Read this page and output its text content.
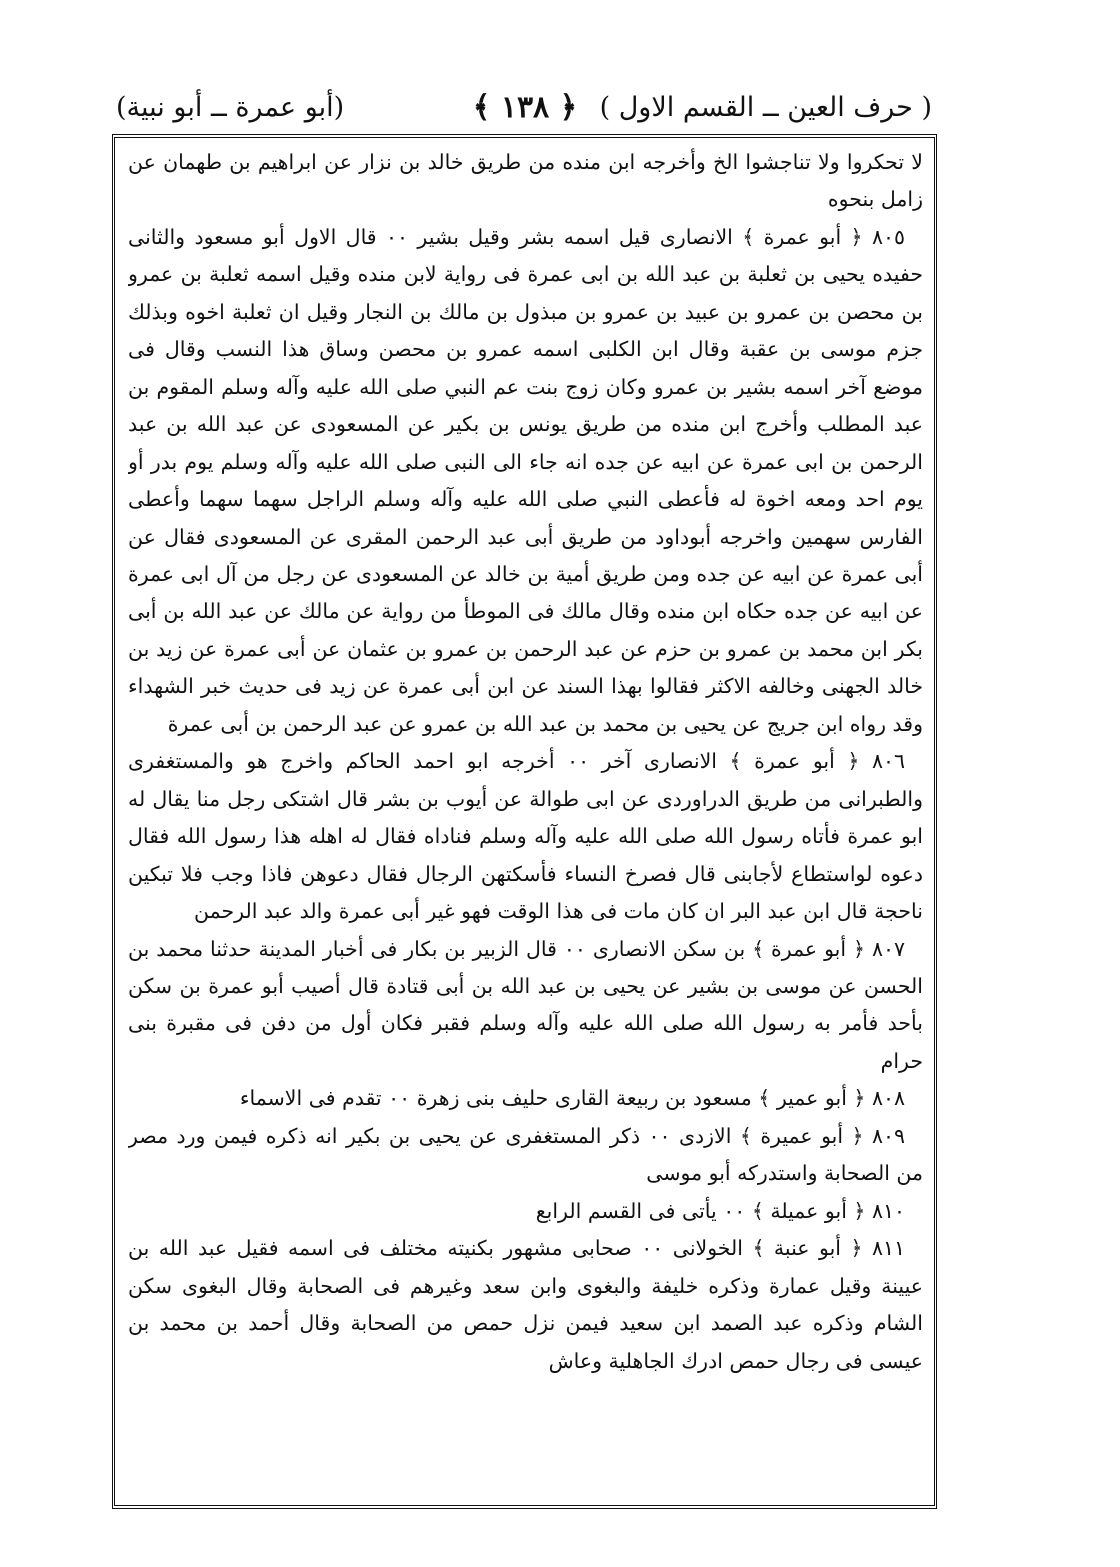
( حرف العين ــ القسم الاول )
﴿ ١٣٨ ﴾
(أبو عمرة ــ أبو نبية)

لا تحكروا ولا تناجشوا الخ وأخرجه ابن منده من طريق خالد بن نزار عن ابراهيم بن طهمان عن زامل بنحوه

٨٠٥ ﴿ أبو عمرة ﴾ الانصارى قيل اسمه بشر وقيل بشير ٠٠ قال الاول أبو مسعود والثانى حفيده يحيى بن ثعلبة بن عبد الله بن ابى عمرة فى رواية لابن منده وقيل اسمه ثعلبة بن عمرو بن محصن بن عمرو بن عبيد بن عمرو بن مبذول بن مالك بن النجار وقيل ان ثعلبة اخوه وبذلك جزم موسى بن عقبة وقال ابن الكلبى اسمه عمرو بن محصن وساق هذا النسب وقال فى موضع آخر اسمه بشير بن عمرو وكان زوج بنت عم النبي صلى الله عليه وآله وسلم المقوم بن عبد المطلب وأخرج ابن منده من طريق يونس بن بكير عن المسعودى عن عبد الله بن عبد الرحمن بن ابى عمرة عن ابيه عن جده انه جاء الى النبى صلى الله عليه وآله وسلم يوم بدر أو يوم احد ومعه اخوة له فأعطى النبي صلى الله عليه وآله وسلم الراجل سهما سهما وأعطى الفارس سهمين واخرجه أبوداود من طريق أبى عبد الرحمن المقرى عن المسعودى فقال عن أبى عمرة عن ابيه عن جده ومن طريق أمية بن خالد عن المسعودى عن رجل من آل ابى عمرة عن ابيه عن جده حكاه ابن منده وقال مالك فى الموطأ من رواية عن مالك عن عبد الله بن أبى بكر ابن محمد بن عمرو بن حزم عن عبد الرحمن بن عمرو بن عثمان عن أبى عمرة عن زيد بن خالد الجهنى وخالفه الاكثر فقالوا بهذا السند عن ابن أبى عمرة عن زيد فى حديث خبر الشهداء وقد رواه ابن جريج عن يحيى بن محمد بن عبد الله بن عمرو عن عبد الرحمن بن أبى عمرة

٨٠٦ ﴿ أبو عمرة ﴾ الانصارى آخر ٠٠ أخرجه ابو احمد الحاكم واخرج هو والمستغفرى والطبرانى من طريق الدراوردى عن ابى طوالة عن أيوب بن بشر قال اشتكى رجل منا يقال له ابو عمرة فأتاه رسول الله صلى الله عليه وآله وسلم فناداه فقال له اهله هذا رسول الله فقال دعوه لواستطاع لأجابنى قال فصرخ النساء فأسكتهن الرجال فقال دعوهن فاذا وجب فلا تبكين ناحجة قال ابن عبد البر ان كان مات فى هذا الوقت فهو غير أبى عمرة والد عبد الرحمن

٨٠٧ ﴿ أبو عمرة ﴾ بن سكن الانصارى ٠٠ قال الزبير بن بكار فى أخبار المدينة حدثنا محمد بن الحسن عن موسى بن بشير عن يحيى بن عبد الله بن أبى قتادة قال أصيب أبو عمرة بن سكن بأحد فأمر به رسول الله صلى الله عليه وآله وسلم فقبر فكان أول من دفن فى مقبرة بنى حرام

٨٠٨ ﴿ أبو عمير ﴾ مسعود بن ربيعة القارى حليف بنى زهرة ٠٠ تقدم فى الاسماء

٨٠٩ ﴿ أبو عميرة ﴾ الازدى ٠٠ ذكر المستغفرى عن يحيى بن بكير انه ذكره فيمن ورد مصر من الصحابة واستدركه أبو موسى

٨١٠ ﴿ أبو عميلة ﴾ ٠٠ يأتى فى القسم الرابع

٨١١ ﴿ أبو عنبة ﴾ الخولانى ٠٠ صحابى مشهور بكنيته مختلف فى اسمه فقيل عبد الله بن عيينة وقيل عمارة وذكره خليفة والبغوى وابن سعد وغيرهم فى الصحابة وقال البغوى سكن الشام وذكره عبد الصمد ابن سعيد فيمن نزل حمص من الصحابة وقال أحمد بن محمد بن عيسى فى رجال حمص ادرك الجاهلية وعاش
